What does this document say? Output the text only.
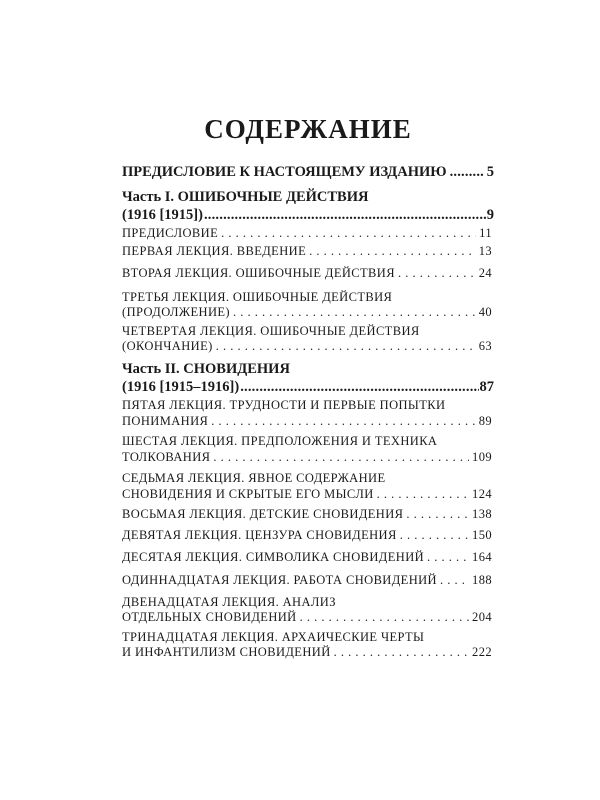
СОДЕРЖАНИЕ
ПРЕДИСЛОВИЕ К НАСТОЯЩЕМУ ИЗДАНИЮ .....	5
Часть I. ОШИБОЧНЫЕ ДЕЙСТВИЯ
(1916 [1915]) .....	9
ПРЕДИСЛОВИЕ . . .	11
ПЕРВАЯ ЛЕКЦИЯ. ВВЕДЕНИЕ . . .	13
ВТОРАЯ ЛЕКЦИЯ. ОШИБОЧНЫЕ ДЕЙСТВИЯ . . .	24
ТРЕТЬЯ ЛЕКЦИЯ. ОШИБОЧНЫЕ ДЕЙСТВИЯ
(ПРОДОЛЖЕНИЕ) . . .	40
ЧЕТВЕРТАЯ ЛЕКЦИЯ. ОШИБОЧНЫЕ ДЕЙСТВИЯ
(ОКОНЧАНИЕ) . . .	63
Часть II. СНОВИДЕНИЯ
(1916 [1915–1916]) .....	87
ПЯТАЯ ЛЕКЦИЯ. ТРУДНОСТИ И ПЕРВЫЕ ПОПЫТКИ
ПОНИМАНИЯ . . .	89
ШЕСТАЯ ЛЕКЦИЯ. ПРЕДПОЛОЖЕНИЯ И ТЕХНИКА
ТОЛКОВАНИЯ . . .	109
СЕДЬМАЯ ЛЕКЦИЯ. ЯВНОЕ СОДЕРЖАНИЕ
СНОВИДЕНИЯ И СКРЫТЫЕ ЕГО МЫСЛИ . . .	124
ВОСЬМАЯ ЛЕКЦИЯ. ДЕТСКИЕ СНОВИДЕНИЯ . . .	138
ДЕВЯТАЯ ЛЕКЦИЯ. ЦЕНЗУРА СНОВИДЕНИЯ . . .	150
ДЕСЯТАЯ ЛЕКЦИЯ. СИМВОЛИКА СНОВИДЕНИЙ . . .	164
ОДИННАДЦАТАЯ ЛЕКЦИЯ. РАБОТА СНОВИДЕНИЙ . . .	188
ДВЕНАДЦАТАЯ ЛЕКЦИЯ. АНАЛИЗ
ОТДЕЛЬНЫХ СНОВИДЕНИЙ . . .	204
ТРИНАДЦАТАЯ ЛЕКЦИЯ. АРХАИЧЕСКИЕ ЧЕРТЫ
И ИНФАНТИЛИЗМ СНОВИДЕНИЙ . . .	222
